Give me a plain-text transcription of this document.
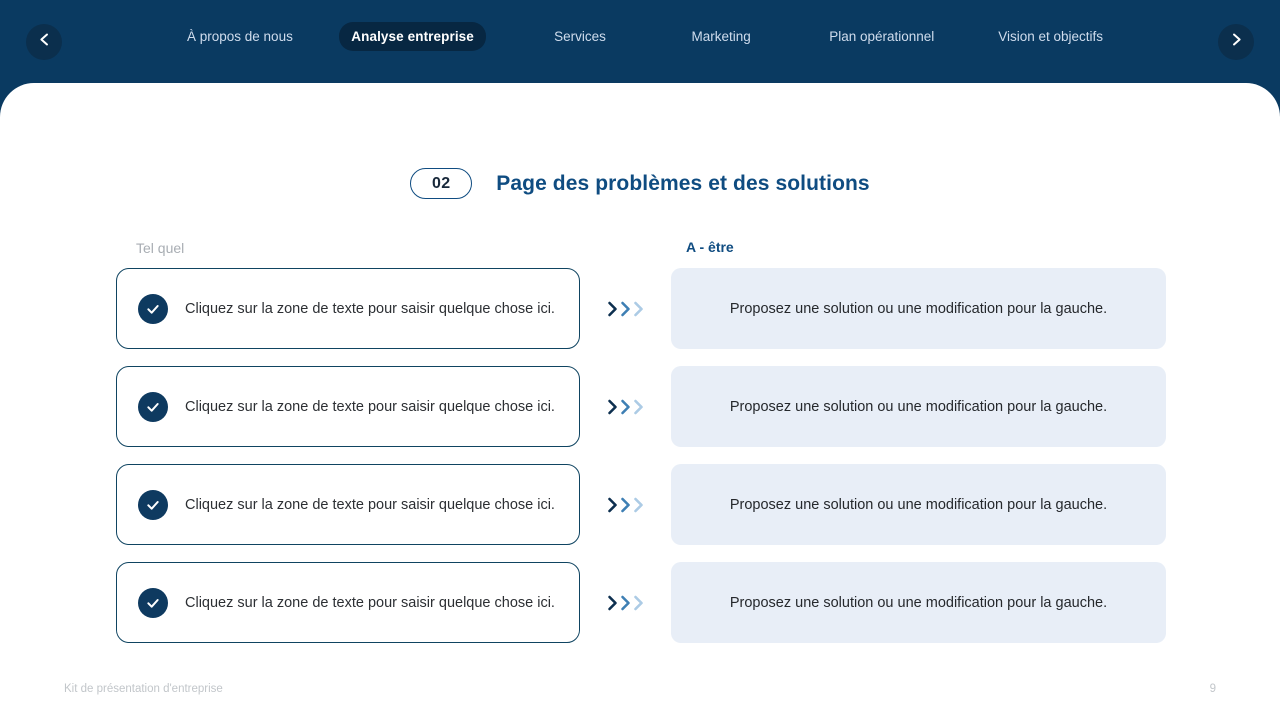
À propos de nous	Analyse entreprise	Services	Marketing	Plan opérationnel	Vision et objectifs
02	Page des problèmes et des solutions
Tel quel	A - être
Cliquez sur la zone de texte pour saisir quelque chose ici.	Proposez une solution ou une modification pour la gauche.
Cliquez sur la zone de texte pour saisir quelque chose ici.	Proposez une solution ou une modification pour la gauche.
Cliquez sur la zone de texte pour saisir quelque chose ici.	Proposez une solution ou une modification pour la gauche.
Cliquez sur la zone de texte pour saisir quelque chose ici.	Proposez une solution ou une modification pour la gauche.
Kit de présentation d'entreprise	9
